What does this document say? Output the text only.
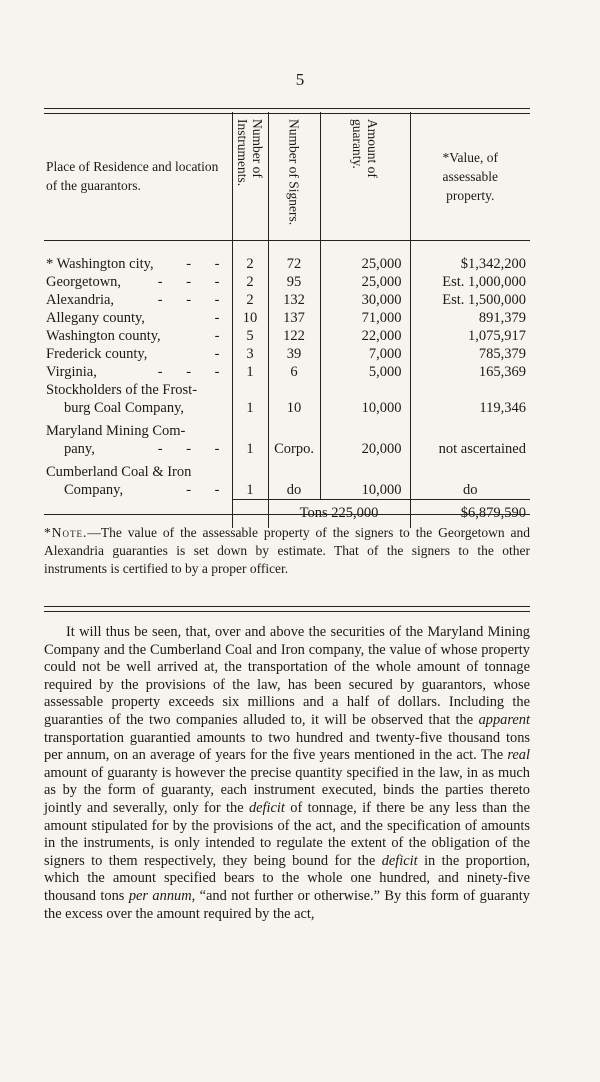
5
Place of Residence and location of the guarantors.	Number of Instruments.	Number of Signers.	Amount of guaranty.	*Value, of assessable property.

* Washington city, - -	2	72	25,000	$1,342,200
Georgetown, - - -	2	95	25,000	Est. 1,000,000
Alexandria, - - -	2	132	30,000	Est. 1,500,000
Allegany county, -	10	137	71,000	891,379
Washington county, -	5	122	22,000	1,075,917
Frederick county, -	3	39	7,000	785,379
Virginia, - - -	1	6	5,000	165,369

Stockholders of the Frost-
burg Coal Company,	1	10	10,000	119,346

Maryland Mining Com-
pany, - - -	1	Corpo.	20,000	not ascertained

Cumberland Coal & Iron
Company, - -	1	do	10,000	do
		Tons 225,000		$6,879,590
*Note.—The value of the assessable property of the signers to the Georgetown and Alexandria guaranties is set down by estimate. That of the signers to the other instruments is certified to by a proper officer.
It will thus be seen, that, over and above the securities of the Maryland Mining Company and the Cumberland Coal and Iron company, the value of whose property could not be well arrived at, the transportation of the whole amount of tonnage required by the provisions of the law, has been secured by guarantors, whose assessable property exceeds six millions and a half of dollars. Including the guaranties of the two companies alluded to, it will be observed that the apparent transportation guarantied amounts to two hundred and twenty-five thousand tons per annum, on an average of years for the five years mentioned in the act. The real amount of guaranty is however the precise quantity specified in the law, in as much as by the form of guaranty, each instrument executed, binds the parties thereto jointly and severally, only for the deficit of tonnage, if there be any less than the amount stipulated for by the provisions of the act, and the specification of amounts in the instruments, is only intended to regulate the extent of the obligation of the signers to them respectively, they being bound for the deficit in the proportion, which the amount specified bears to the whole one hundred, and ninety-five thousand tons per annum, “and not further or otherwise.” By this form of guaranty the excess over the amount required by the act,
